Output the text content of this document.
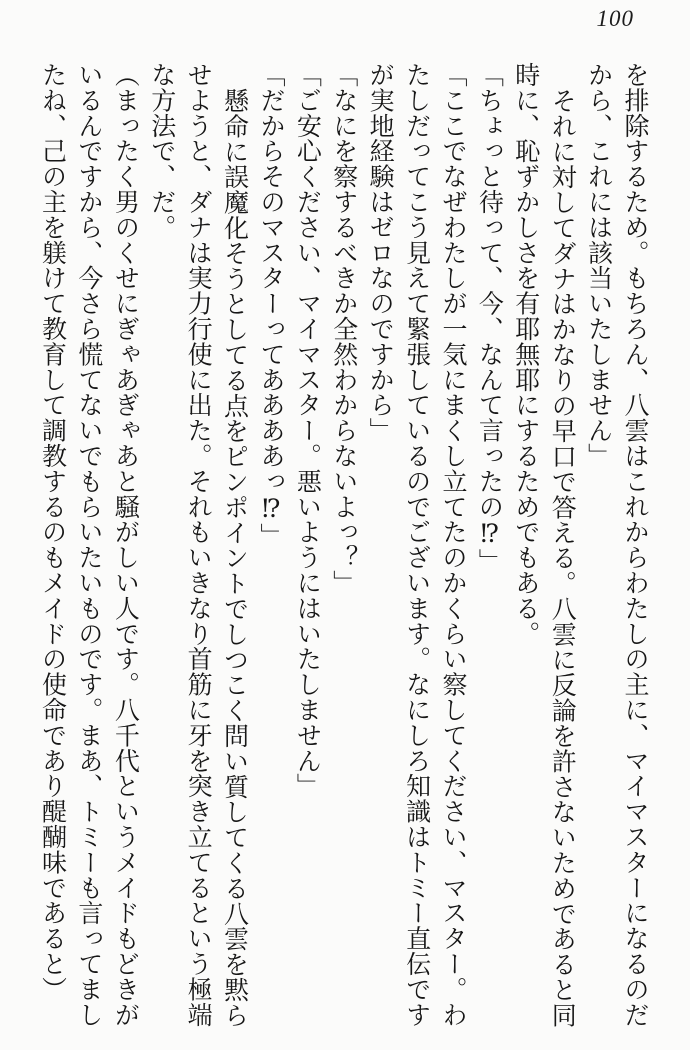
100
を排除するため。もちろん、八雲はこれからわたしの主に、マイマスターになるのだ
から、これには該当いたしません」
それに対してダナはかなりの早口で答える。八雲に反論を許さないためであると同
時に、恥ずかしさを有耶無耶にするためでもある。
「ちょっと待って、今、なんて言ったの⁉」
「ここでなぜわたしが一気にまくし立てたのかくらい察してください、マスター。わ
たしだってこう見えて緊張しているのでございます。なにしろ知識はトミー直伝です
が実地経験はゼロなのですから」
「なにを察するべきか全然わからないよっ？」
「ご安心ください、マイマスター。悪いようにはいたしません」
「だからそのマスターってああああっ⁉」
懸命に誤魔化そうとしてる点をピンポイントでしつこく問い質してくる八雲を黙ら
せようと、ダナは実力行使に出た。それもいきなり首筋に牙を突き立てるという極端
な方法で、だ。
（まったく男のくせにぎゃあぎゃあと騒がしい人です。八千代というメイドもどきが
いるんですから、今さら慌てないでもらいたいものです。まあ、トミーも言ってまし
たね、己の主を躾けて教育して調教するのもメイドの使命であり醍醐味であると）
